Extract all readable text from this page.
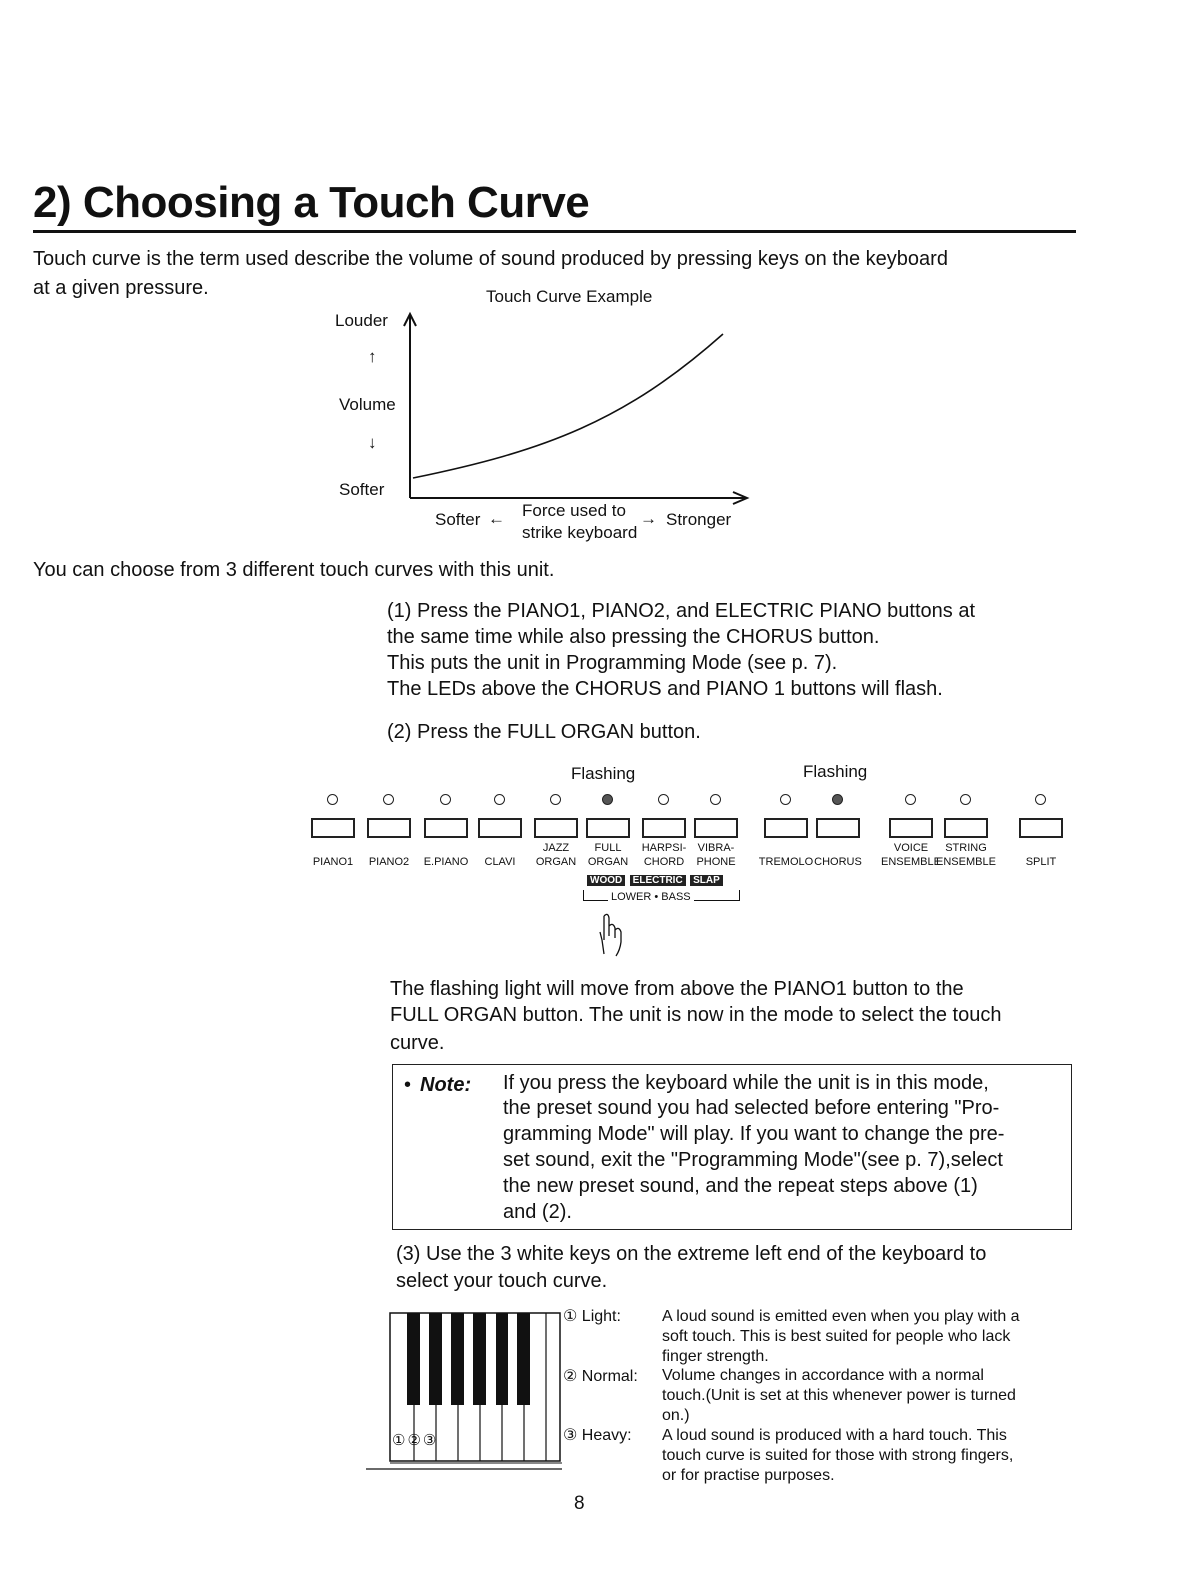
2) Choosing a Touch Curve
Touch curve is the term used describe the volume of sound produced by pressing keys on the keyboard
at a given pressure.	Touch Curve Example
Louder
↑
Volume
↓
Softer
Softer ← Force used to
strike keyboard
→ Stronger
You can choose from 3 different touch curves with this unit.
(1) Press the PIANO1, PIANO2, and ELECTRIC PIANO buttons at
the same time while also pressing the CHORUS button.
This puts the unit in Programming Mode (see p. 7).
The LEDs above the CHORUS and PIANO 1 buttons will flash.
(2) Press the FULL ORGAN button.
Flashing	Flashing
PIANO1	PIANO2	E.PIANO	CLAVI
JAZZ
ORGAN
FULL
ORGAN
HARPSI-
CHORD
VIBRA-
PHONE	TREMOLO CHORUS
VOICE
ENSEMBLE
STRING
ENSEMBLE	SPLIT
WOOD ELECTRIC SLAP
LOWER • BASS
The flashing light will move from above the PIANO1 button to the
FULL ORGAN button. The unit is now in the mode to select the touch
curve.
• Note: If you press the keyboard while the unit is in this mode,
the preset sound you had selected before entering "Pro-
gramming Mode" will play. If you want to change the pre-
set sound, exit the "Programming Mode"(see p. 7),select
the new preset sound, and the repeat steps above (1)
and (2).
(3) Use the 3 white keys on the extreme left end of the keyboard to
select your touch curve.
①②③
① Light:	A loud sound is emitted even when you play with a
soft touch. This is best suited for people who lack
finger strength.
② Normal: Volume changes in accordance with a normal
touch.(Unit is set at this whenever power is turned
on.)
③ Heavy: A loud sound is produced with a hard touch. This
touch curve is suited for those with strong fingers,
or for practise purposes.
8
